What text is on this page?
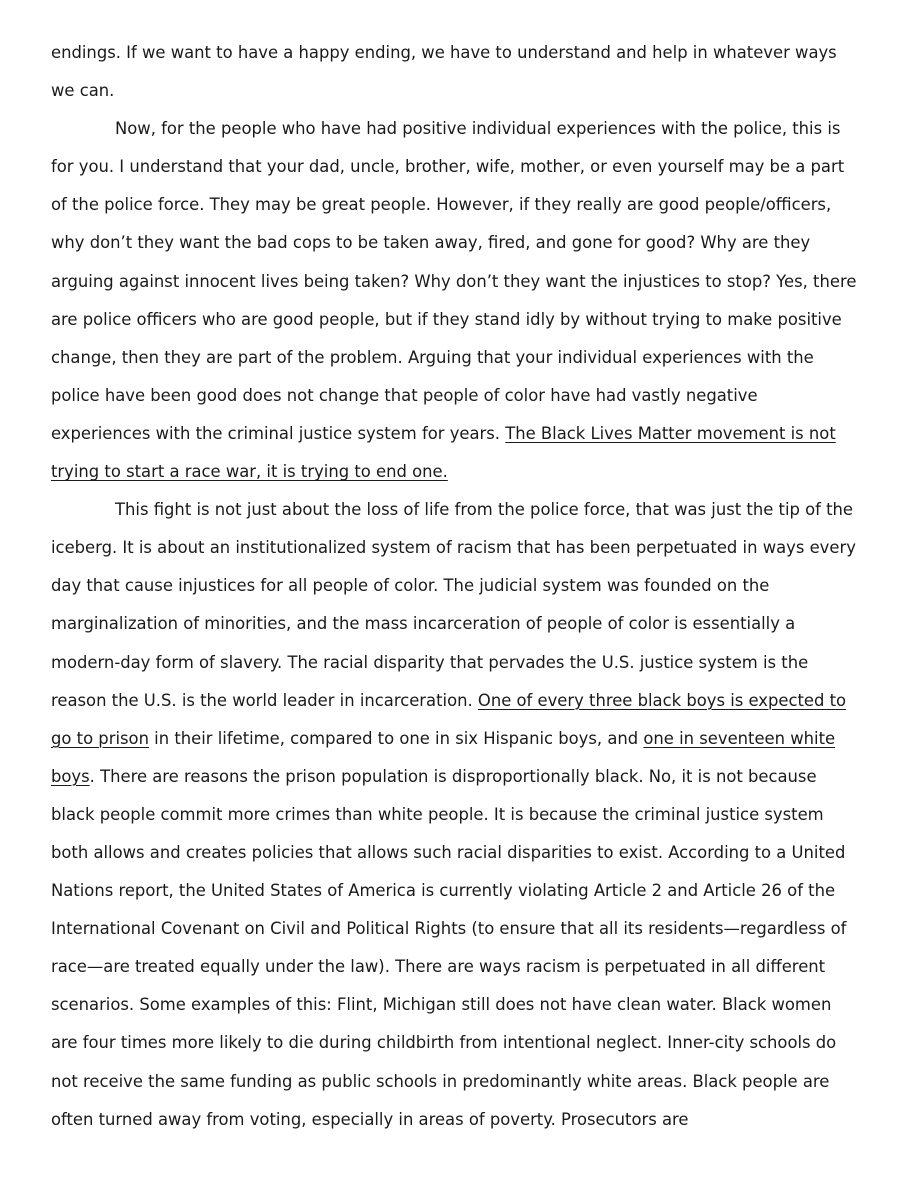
endings. If we want to have a happy ending, we have to understand and help in whatever ways we can.

Now, for the people who have had positive individual experiences with the police, this is for you. I understand that your dad, uncle, brother, wife, mother, or even yourself may be a part of the police force. They may be great people. However, if they really are good people/officers, why don’t they want the bad cops to be taken away, fired, and gone for good? Why are they arguing against innocent lives being taken? Why don’t they want the injustices to stop? Yes, there are police officers who are good people, but if they stand idly by without trying to make positive change, then they are part of the problem. Arguing that your individual experiences with the police have been good does not change that people of color have had vastly negative experiences with the criminal justice system for years. The Black Lives Matter movement is not trying to start a race war, it is trying to end one.

This fight is not just about the loss of life from the police force, that was just the tip of the iceberg. It is about an institutionalized system of racism that has been perpetuated in ways every day that cause injustices for all people of color. The judicial system was founded on the marginalization of minorities, and the mass incarceration of people of color is essentially a modern-day form of slavery. The racial disparity that pervades the U.S. justice system is the reason the U.S. is the world leader in incarceration. One of every three black boys is expected to go to prison in their lifetime, compared to one in six Hispanic boys, and one in seventeen white boys. There are reasons the prison population is disproportionally black. No, it is not because black people commit more crimes than white people. It is because the criminal justice system both allows and creates policies that allows such racial disparities to exist. According to a United Nations report, the United States of America is currently violating Article 2 and Article 26 of the International Covenant on Civil and Political Rights (to ensure that all its residents—regardless of race—are treated equally under the law). There are ways racism is perpetuated in all different scenarios. Some examples of this: Flint, Michigan still does not have clean water. Black women are four times more likely to die during childbirth from intentional neglect. Inner-city schools do not receive the same funding as public schools in predominantly white areas. Black people are often turned away from voting, especially in areas of poverty. Prosecutors are
